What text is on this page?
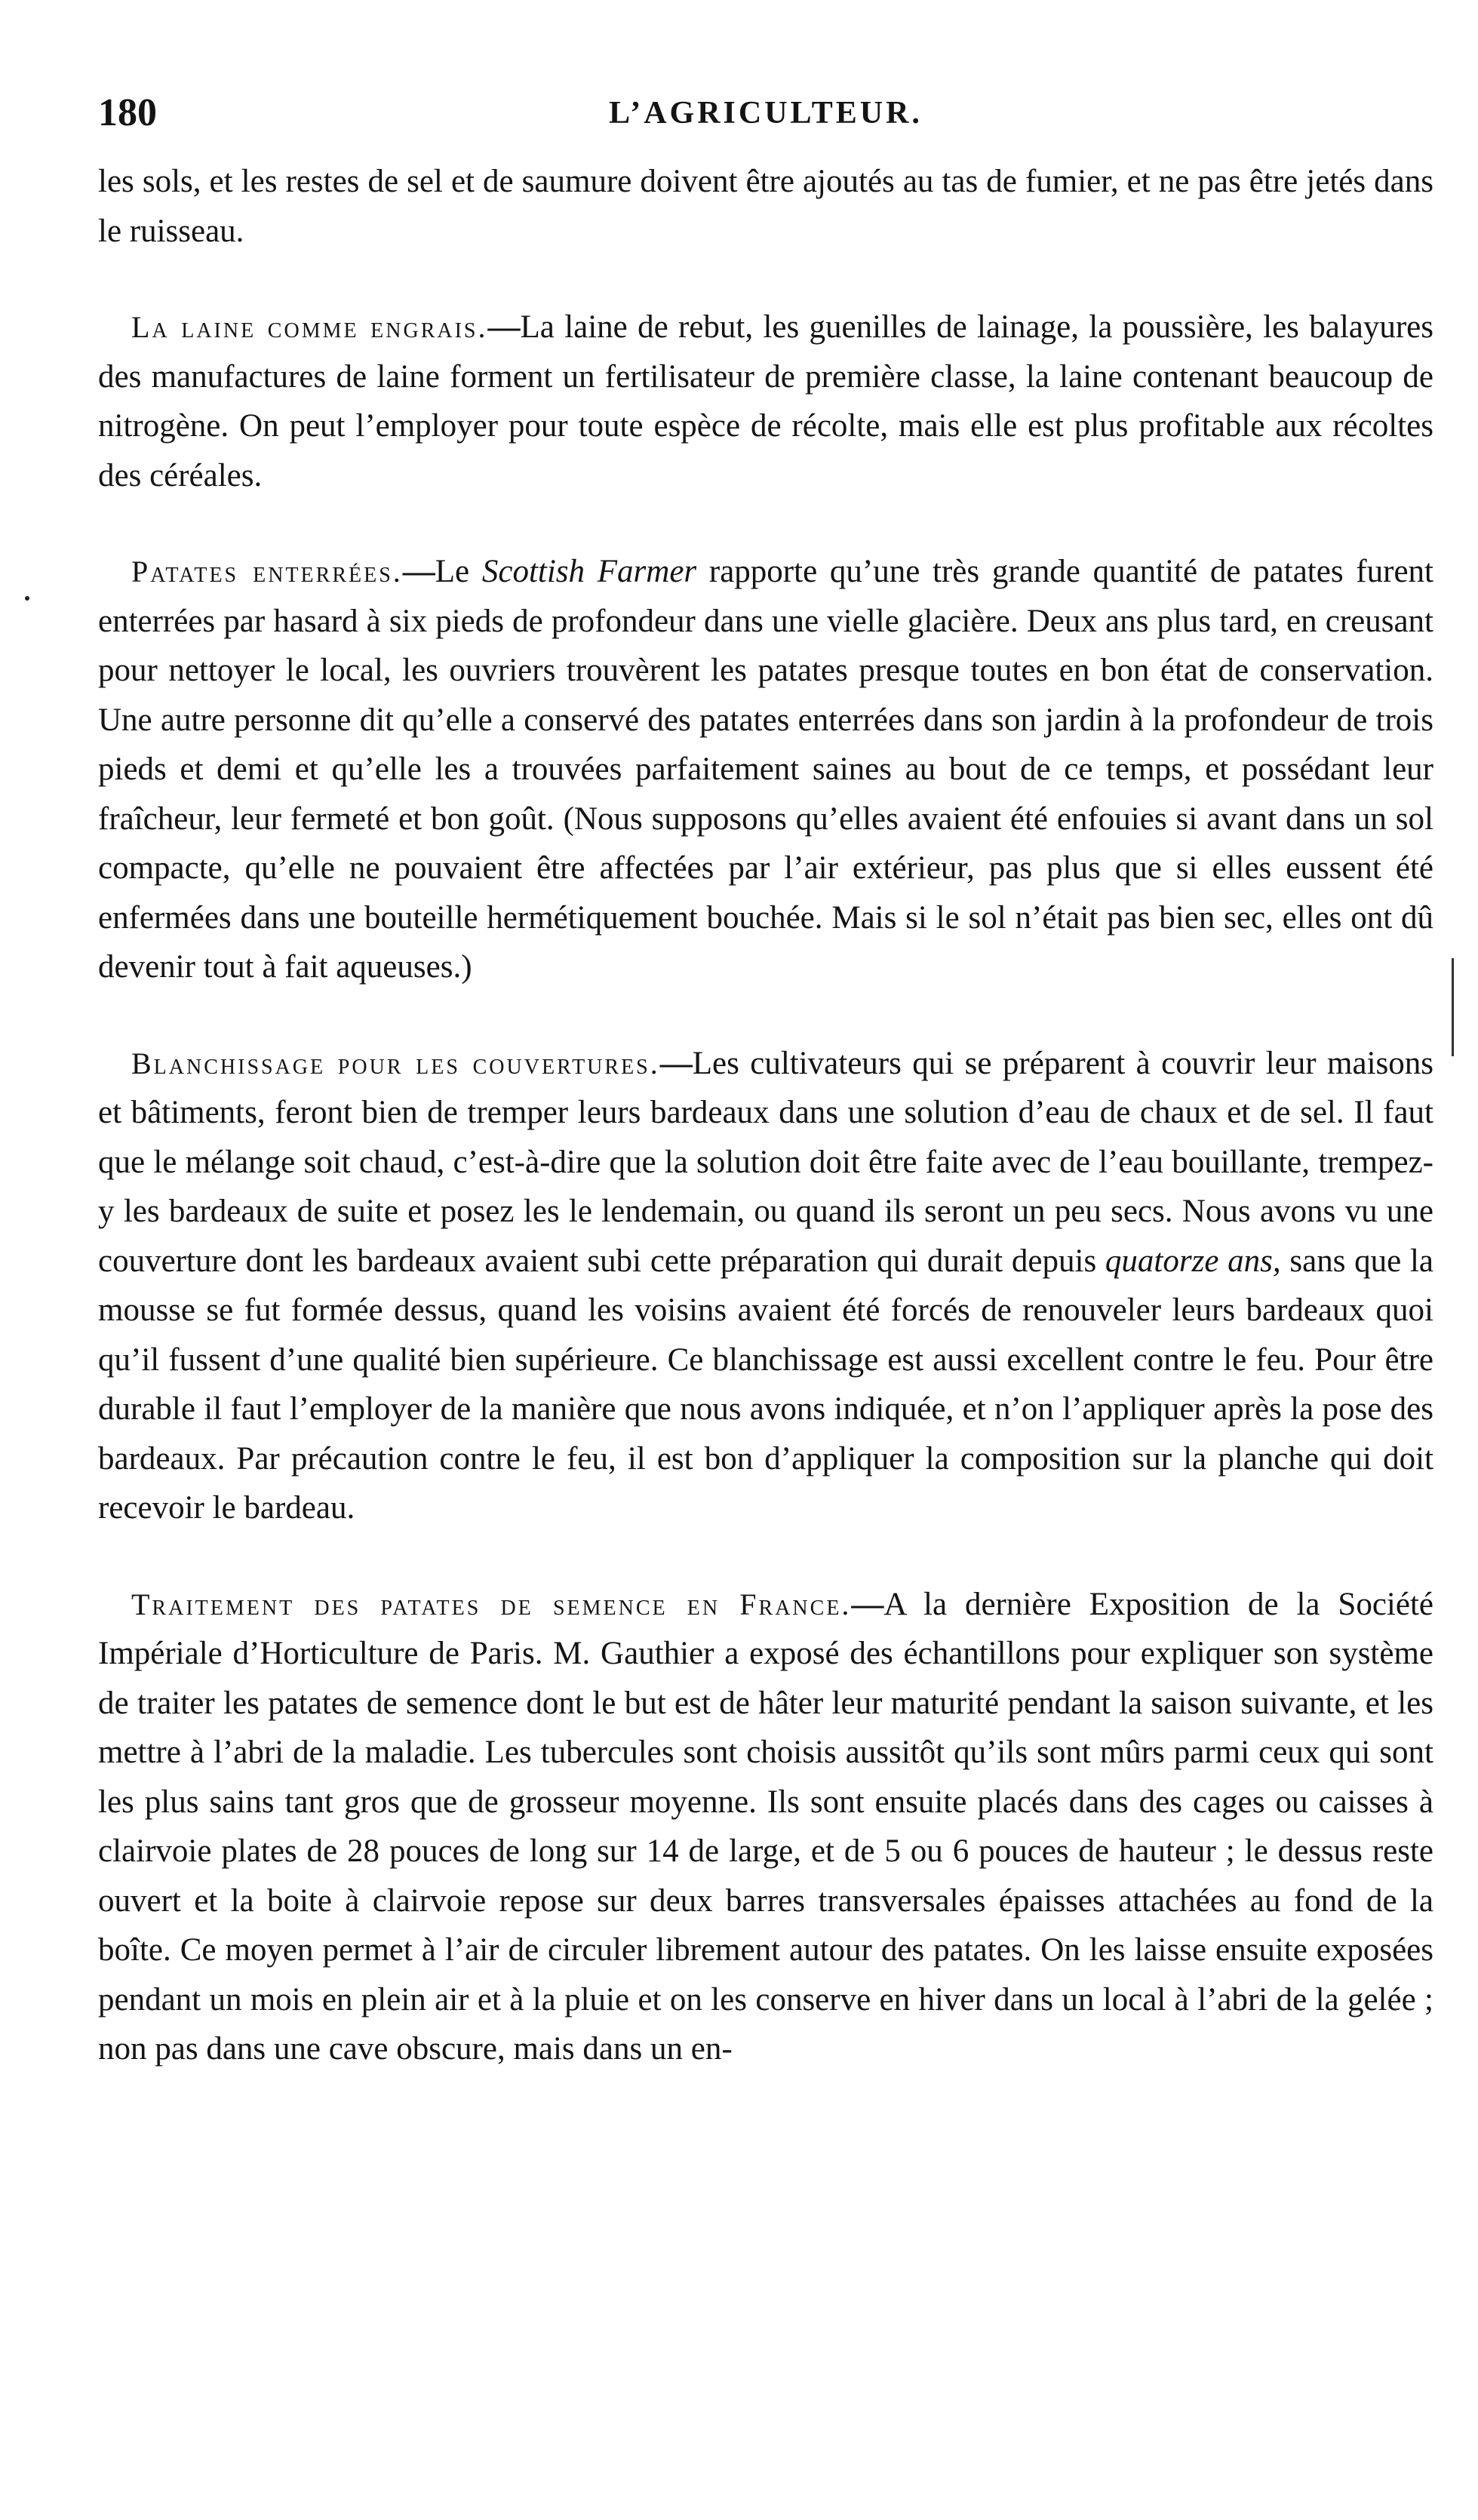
180	L’AGRICULTEUR.

les sols, et les restes de sel et de saumure doivent être ajoutés au tas de fumier, et ne pas être jetés dans le ruisseau.

La laine comme engrais.—La laine de rebut, les guenilles de lainage, la poussière, les balayures des manufactures de laine forment un fertilisateur de première classe, la laine contenant beaucoup de nitrogène. On peut l’employer pour toute espèce de récolte, mais elle est plus profitable aux récoltes des céréales.

Patates enterrées.—Le Scottish Farmer rapporte qu’une très grande quantité de patates furent enterrées par hasard à six pieds de profondeur dans une vielle glacière. Deux ans plus tard, en creusant pour nettoyer le local, les ouvriers trouvèrent les patates presque toutes en bon état de conservation. Une autre personne dit qu’elle a conservé des patates enterrées dans son jardin à la profondeur de trois pieds et demi et qu’elle les a trouvées parfaitement saines au bout de ce temps, et possédant leur fraîcheur, leur fermeté et bon goût. (Nous supposons qu’elles avaient été enfouies si avant dans un sol compacte, qu’elle ne pouvaient être affectées par l’air extérieur, pas plus que si elles eussent été enfermées dans une bouteille hermétiquement bouchée. Mais si le sol n’était pas bien sec, elles ont dû devenir tout à fait aqueuses.)

Blanchissage pour les couvertures.—Les cultivateurs qui se préparent à couvrir leur maisons et bâtiments, feront bien de tremper leurs bardeaux dans une solution d’eau de chaux et de sel. Il faut que le mélange soit chaud, c’est-à-dire que la solution doit être faite avec de l’eau bouillante, trempez-y les bardeaux de suite et posez les le lendemain, ou quand ils seront un peu secs. Nous avons vu une couverture dont les bardeaux avaient subi cette préparation qui durait depuis quatorze ans, sans que la mousse se fut formée dessus, quand les voisins avaient été forcés de renouveler leurs bardeaux quoi qu’il fussent d’une qualité bien supérieure. Ce blanchissage est aussi excellent contre le feu. Pour être durable il faut l’employer de la manière que nous avons indiquée, et n’on l’appliquer après la pose des bardeaux. Par précaution contre le feu, il est bon d’appliquer la composition sur la planche qui doit recevoir le bardeau.

Traitement des patates de semence en France.—A la dernière Exposition de la Société Impériale d’Horticulture de Paris. M. Gauthier a exposé des échantillons pour expliquer son système de traiter les patates de semence dont le but est de hâter leur maturité pendant la saison suivante, et les mettre à l’abri de la maladie. Les tubercules sont choisis aussitôt qu’ils sont mûrs parmi ceux qui sont les plus sains tant gros que de grosseur moyenne. Ils sont ensuite placés dans des cages ou caisses à clairvoie plates de 28 pouces de long sur 14 de large, et de 5 ou 6 pouces de hauteur ; le dessus reste ouvert et la boite à clairvoie repose sur deux barres transversales épaisses attachées au fond de la boîte. Ce moyen permet à l’air de circuler librement autour des patates. On les laisse ensuite exposées pendant un mois en plein air et à la pluie et on les conserve en hiver dans un local à l’abri de la gelée ; non pas dans une cave obscure, mais dans un en-
